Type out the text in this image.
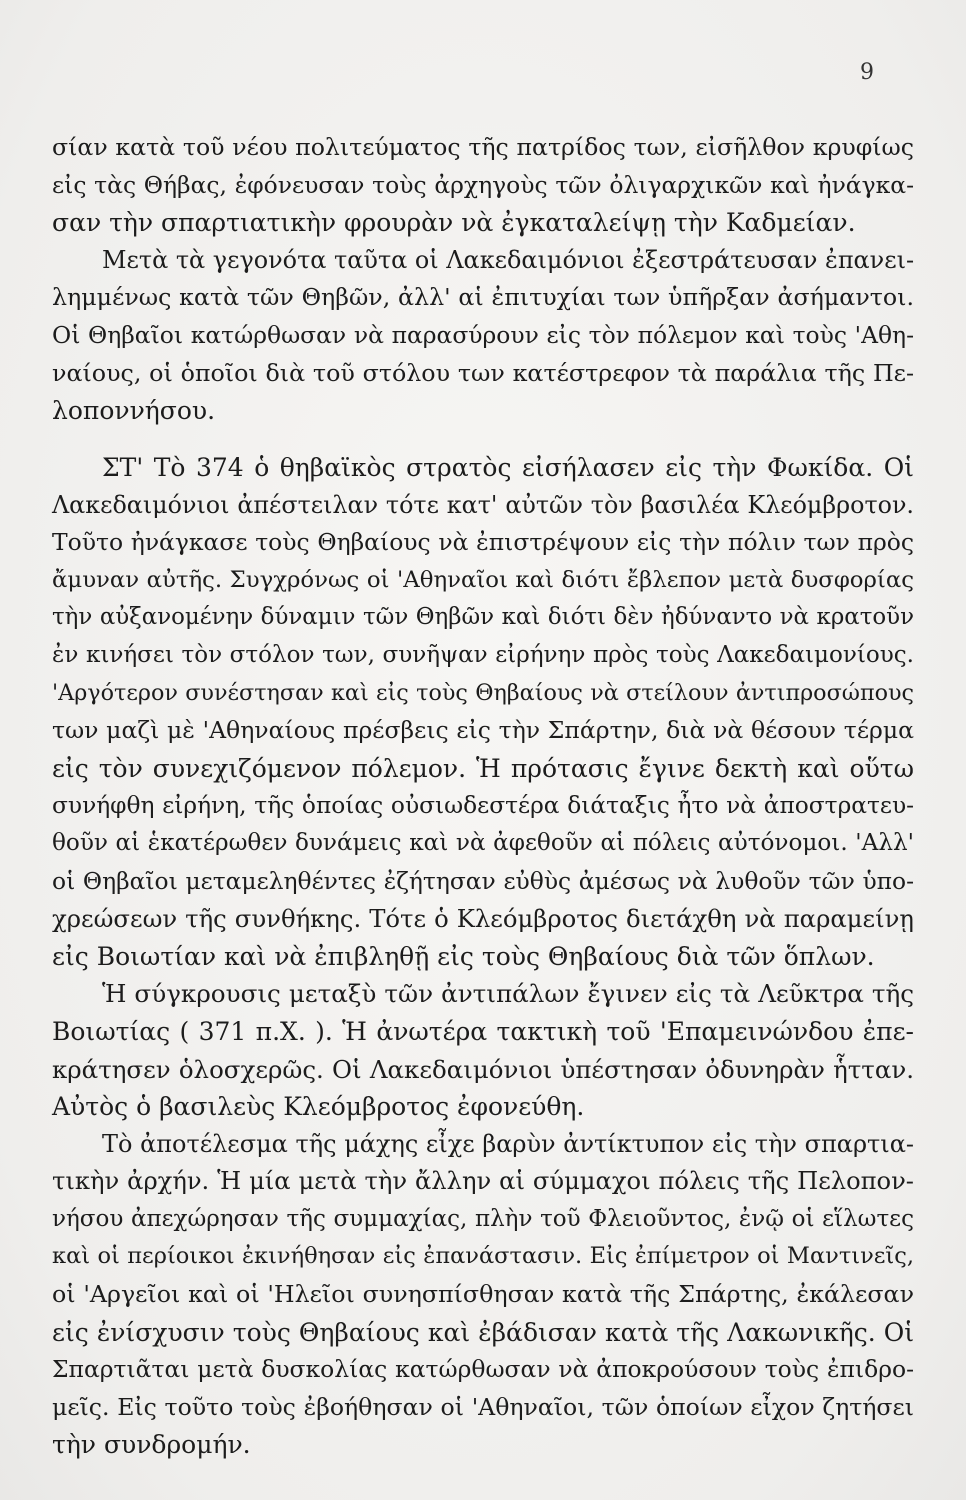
9
σίαν κατὰ τοῦ νέου πολιτεύματος τῆς πατρίδος των, εἰσῆλθον κρυφίως
εἰς τὰς Θήβας, ἐφόνευσαν τοὺς ἀρχηγοὺς τῶν ὀλιγαρχικῶν καὶ ἠνάγκα-
σαν τὴν σπαρτιατικὴν φρουρὰν νὰ ἐγκαταλείψῃ τὴν Καδμείαν.
Μετὰ τὰ γεγονότα ταῦτα οἱ Λακεδαιμόνιοι ἐξεστράτευσαν ἐπανει-
λημμένως κατὰ τῶν Θηβῶν, ἀλλ' αἱ ἐπιτυχίαι των ὑπῆρξαν ἀσήμαντοι.
Οἱ Θηβαῖοι κατώρθωσαν νὰ παρασύρουν εἰς τὸν πόλεμον καὶ τοὺς 'Αθη-
ναίους, οἱ ὁποῖοι διὰ τοῦ στόλου των κατέστρεφον τὰ παράλια τῆς Πε-
λοποννήσου.
ΣΤ' Τὸ 374 ὁ θηβαϊκὸς στρατὸς εἰσήλασεν εἰς τὴν Φωκίδα. Οἱ
Λακεδαιμόνιοι ἀπέστειλαν τότε κατ' αὐτῶν τὸν βασιλέα Κλεόμβροτον.
Τοῦτο ἠνάγκασε τοὺς Θηβαίους νὰ ἐπιστρέψουν εἰς τὴν πόλιν των πρὸς
ἄμυναν αὐτῆς. Συγχρόνως οἱ 'Αθηναῖοι καὶ διότι ἔβλεπον μετὰ δυσφορίας
τὴν αὐξανομένην δύναμιν τῶν Θηβῶν καὶ διότι δὲν ἠδύναντο νὰ κρατοῦν
ἐν κινήσει τὸν στόλον των, συνῆψαν εἰρήνην πρὸς τοὺς Λακεδαιμονίους.
'Αργότερον συνέστησαν καὶ εἰς τοὺς Θηβαίους νὰ στείλουν ἀντιπροσώπους
των μαζὶ μὲ 'Αθηναίους πρέσβεις εἰς τὴν Σπάρτην, διὰ νὰ θέσουν τέρμα
εἰς τὸν συνεχιζόμενον πόλεμον. Ἡ πρότασις ἔγινε δεκτὴ καὶ οὕτω
συνήφθη εἰρήνη, τῆς ὁποίας οὐσιωδεστέρα διάταξις ἦτο νὰ ἀποστρατευ-
θοῦν αἱ ἑκατέρωθεν δυνάμεις καὶ νὰ ἀφεθοῦν αἱ πόλεις αὐτόνομοι. 'Αλλ'
οἱ Θηβαῖοι μεταμεληθέντες ἐζήτησαν εὐθὺς ἀμέσως νὰ λυθοῦν τῶν ὑπο-
χρεώσεων τῆς συνθήκης. Τότε ὁ Κλεόμβροτος διετάχθη νὰ παραμείνῃ
εἰς Βοιωτίαν καὶ νὰ ἐπιβληθῇ εἰς τοὺς Θηβαίους διὰ τῶν ὅπλων.
Ἡ σύγκρουσις μεταξὺ τῶν ἀντιπάλων ἔγινεν εἰς τὰ Λεῦκτρα τῆς
Βοιωτίας ( 371 π.Χ. ). Ἡ ἀνωτέρα τακτικὴ τοῦ 'Επαμεινώνδου ἐπε-
κράτησεν ὁλοσχερῶς. Οἱ Λακεδαιμόνιοι ὑπέστησαν ὀδυνηρὰν ἧτταν.
Αὐτὸς ὁ βασιλεὺς Κλεόμβροτος ἐφονεύθη.
Τὸ ἀποτέλεσμα τῆς μάχης εἶχε βαρὺν ἀντίκτυπον εἰς τὴν σπαρτια-
τικὴν ἀρχήν. Ἡ μία μετὰ τὴν ἄλλην αἱ σύμμαχοι πόλεις τῆς Πελοπον-
νήσου ἀπεχώρησαν τῆς συμμαχίας, πλὴν τοῦ Φλειοῦντος, ἐνῷ οἱ εἵλωτες
καὶ οἱ περίοικοι ἐκινήθησαν εἰς ἐπανάστασιν. Εἰς ἐπίμετρον οἱ Μαντινεῖς,
οἱ 'Αργεῖοι καὶ οἱ 'Ηλεῖοι συνησπίσθησαν κατὰ τῆς Σπάρτης, ἐκάλεσαν
εἰς ἐνίσχυσιν τοὺς Θηβαίους καὶ ἐβάδισαν κατὰ τῆς Λακωνικῆς. Οἱ
Σπαρτιᾶται μετὰ δυσκολίας κατώρθωσαν νὰ ἀποκρούσουν τοὺς ἐπιδρο-
μεῖς. Εἰς τοῦτο τοὺς ἐβοήθησαν οἱ 'Αθηναῖοι, τῶν ὁποίων εἶχον ζητήσει
τὴν συνδρομήν.
